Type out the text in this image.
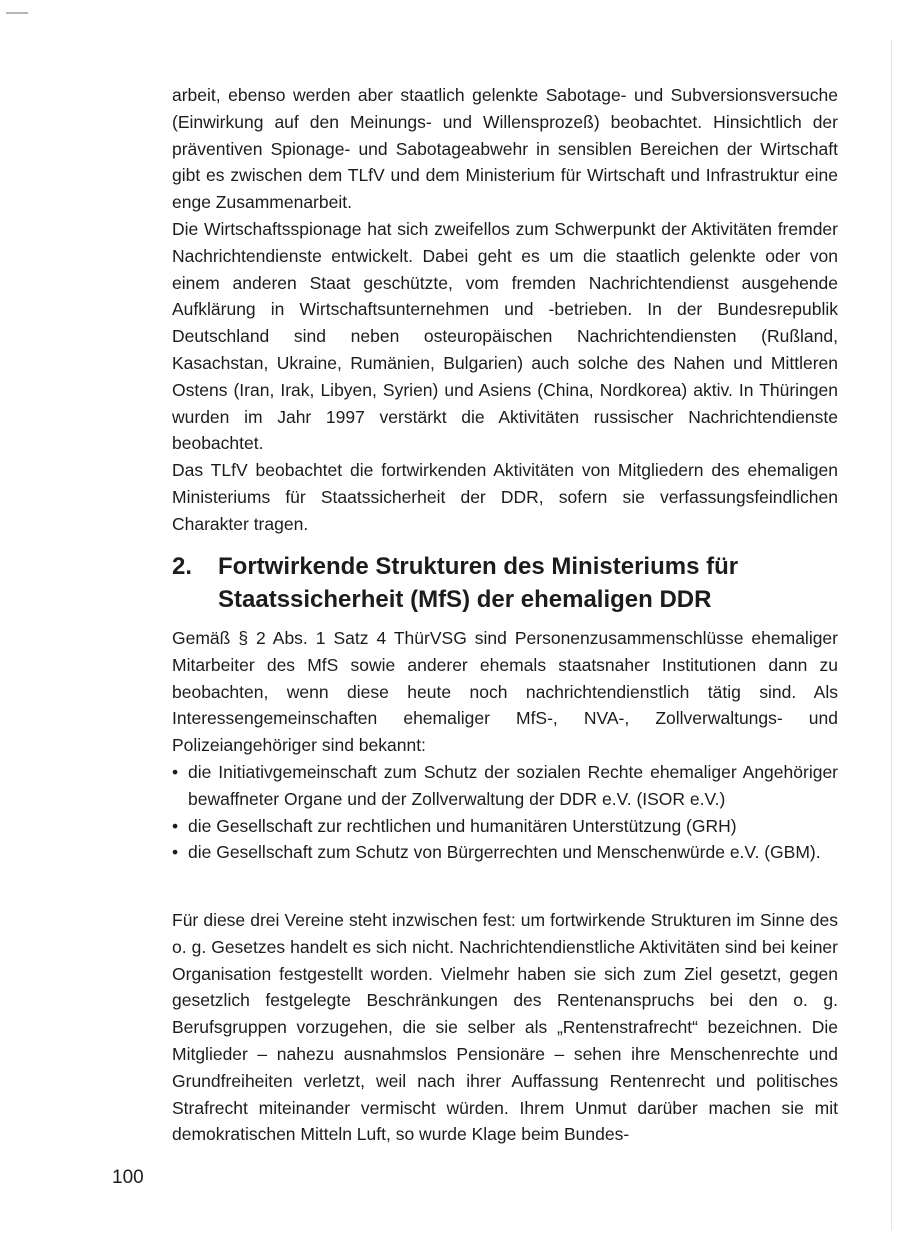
arbeit, ebenso werden aber staatlich gelenkte Sabotage- und Subversionsversuche (Einwirkung auf den Meinungs- und Willensprozeß) beobachtet. Hinsichtlich der präventiven Spionage- und Sabotageabwehr in sensiblen Bereichen der Wirtschaft gibt es zwischen dem TLfV und dem Ministerium für Wirtschaft und Infrastruktur eine enge Zusammenarbeit.

Die Wirtschaftsspionage hat sich zweifellos zum Schwerpunkt der Aktivitäten fremder Nachrichtendienste entwickelt. Dabei geht es um die staatlich gelenkte oder von einem anderen Staat geschützte, vom fremden Nachrichtendienst ausgehende Aufklärung in Wirtschaftsunternehmen und -betrieben. In der Bundesrepublik Deutschland sind neben osteuropäischen Nachrichtendiensten (Rußland, Kasachstan, Ukraine, Rumänien, Bulgarien) auch solche des Nahen und Mittleren Ostens (Iran, Irak, Libyen, Syrien) und Asiens (China, Nordkorea) aktiv. In Thüringen wurden im Jahr 1997 verstärkt die Aktivitäten russischer Nachrichtendienste beobachtet.

Das TLfV beobachtet die fortwirkenden Aktivitäten von Mitgliedern des ehemaligen Ministeriums für Staatssicherheit der DDR, sofern sie verfassungsfeindlichen Charakter tragen.

2.	Fortwirkende Strukturen des Ministeriums für Staatssicherheit (MfS) der ehemaligen DDR

Gemäß § 2 Abs. 1 Satz 4 ThürVSG sind Personenzusammenschlüsse ehemaliger Mitarbeiter des MfS sowie anderer ehemals staatsnaher Institutionen dann zu beobachten, wenn diese heute noch nachrichtendienstlich tätig sind. Als Interessengemeinschaften ehemaliger MfS-, NVA-, Zollverwaltungs- und Polizeiangehöriger sind bekannt:

• die Initiativgemeinschaft zum Schutz der sozialen Rechte ehemaliger Angehöriger bewaffneter Organe und der Zollverwaltung der DDR e.V. (ISOR e.V.)
• die Gesellschaft zur rechtlichen und humanitären Unterstützung (GRH)
• die Gesellschaft zum Schutz von Bürgerrechten und Menschenwürde e.V. (GBM).

Für diese drei Vereine steht inzwischen fest: um fortwirkende Strukturen im Sinne des o. g. Gesetzes handelt es sich nicht. Nachrichtendienstliche Aktivitäten sind bei keiner Organisation festgestellt worden. Vielmehr haben sie sich zum Ziel gesetzt, gegen gesetzlich festgelegte Beschränkungen des Rentenanspruchs bei den o. g. Berufsgruppen vorzugehen, die sie selber als „Rentenstrafrecht“ bezeichnen. Die Mitglieder – nahezu ausnahmslos Pensionäre – sehen ihre Menschenrechte und Grundfreiheiten verletzt, weil nach ihrer Auffassung Rentenrecht und politisches Strafrecht miteinander vermischt würden. Ihrem Unmut darüber machen sie mit demokratischen Mitteln Luft, so wurde Klage beim Bundes-

100
